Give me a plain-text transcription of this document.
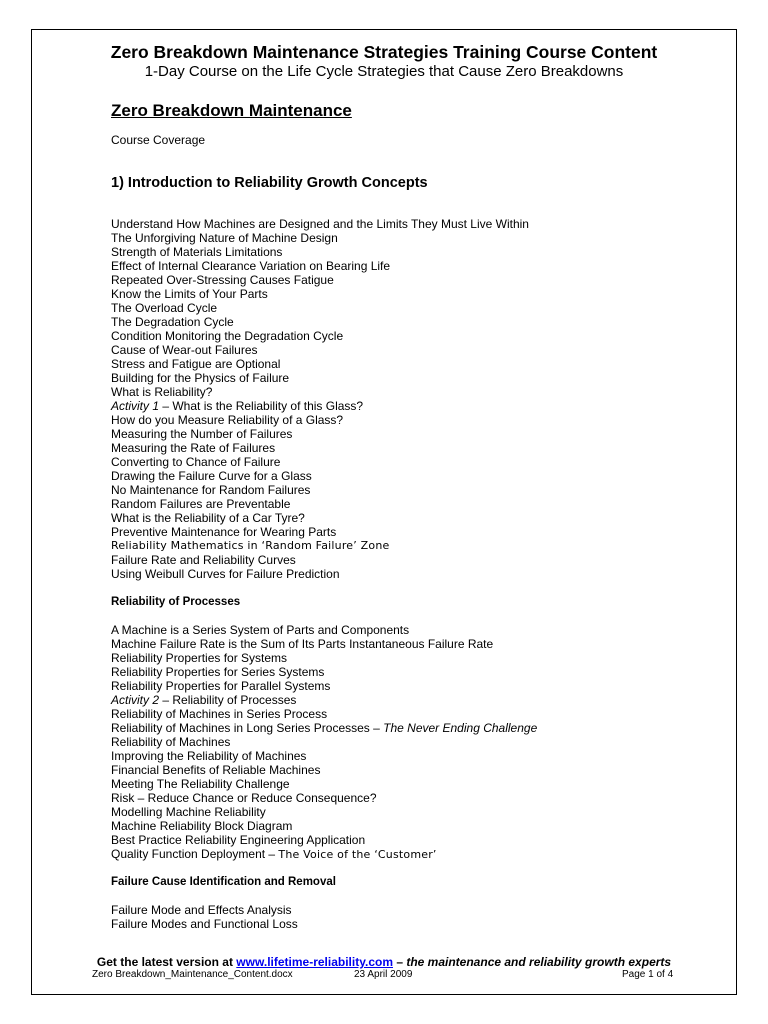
Zero Breakdown Maintenance Strategies Training Course Content
1-Day Course on the Life Cycle Strategies that Cause Zero Breakdowns
Zero Breakdown Maintenance
Course Coverage
1) Introduction to Reliability Growth Concepts
Understand How Machines are Designed and the Limits They Must Live Within
The Unforgiving Nature of Machine Design
Strength of Materials Limitations
Effect of Internal Clearance Variation on Bearing Life
Repeated Over-Stressing Causes Fatigue
Know the Limits of Your Parts
The Overload Cycle
The Degradation Cycle
Condition Monitoring the Degradation Cycle
Cause of Wear-out Failures
Stress and Fatigue are Optional
Building for the Physics of Failure
What is Reliability?
Activity 1 – What is the Reliability of this Glass?
How do you Measure Reliability of a Glass?
Measuring the Number of Failures
Measuring the Rate of Failures
Converting to Chance of Failure
Drawing the Failure Curve for a Glass
No Maintenance for Random Failures
Random Failures are Preventable
What is the Reliability of a Car Tyre?
Preventive Maintenance for Wearing Parts
Reliability Mathematics in ‘Random Failure’ Zone
Failure Rate and Reliability Curves
Using Weibull Curves for Failure Prediction
Reliability of Processes
A Machine is a Series System of Parts and Components
Machine Failure Rate is the Sum of Its Parts Instantaneous Failure Rate
Reliability Properties for Systems
Reliability Properties for Series Systems
Reliability Properties for Parallel Systems
Activity 2 – Reliability of Processes
Reliability of Machines in Series Process
Reliability of Machines in Long Series Processes – The Never Ending Challenge
Reliability of Machines
Improving the Reliability of Machines
Financial Benefits of Reliable Machines
Meeting The Reliability Challenge
Risk – Reduce Chance or Reduce Consequence?
Modelling Machine Reliability
Machine Reliability Block Diagram
Best Practice Reliability Engineering Application
Quality Function Deployment – The Voice of the ‘Customer’
Failure Cause Identification and Removal
Failure Mode and Effects Analysis
Failure Modes and Functional Loss
Get the latest version at www.lifetime-reliability.com – the maintenance and reliability growth experts
Zero Breakdown_Maintenance_Content.docx	23 April 2009	Page 1 of 4
